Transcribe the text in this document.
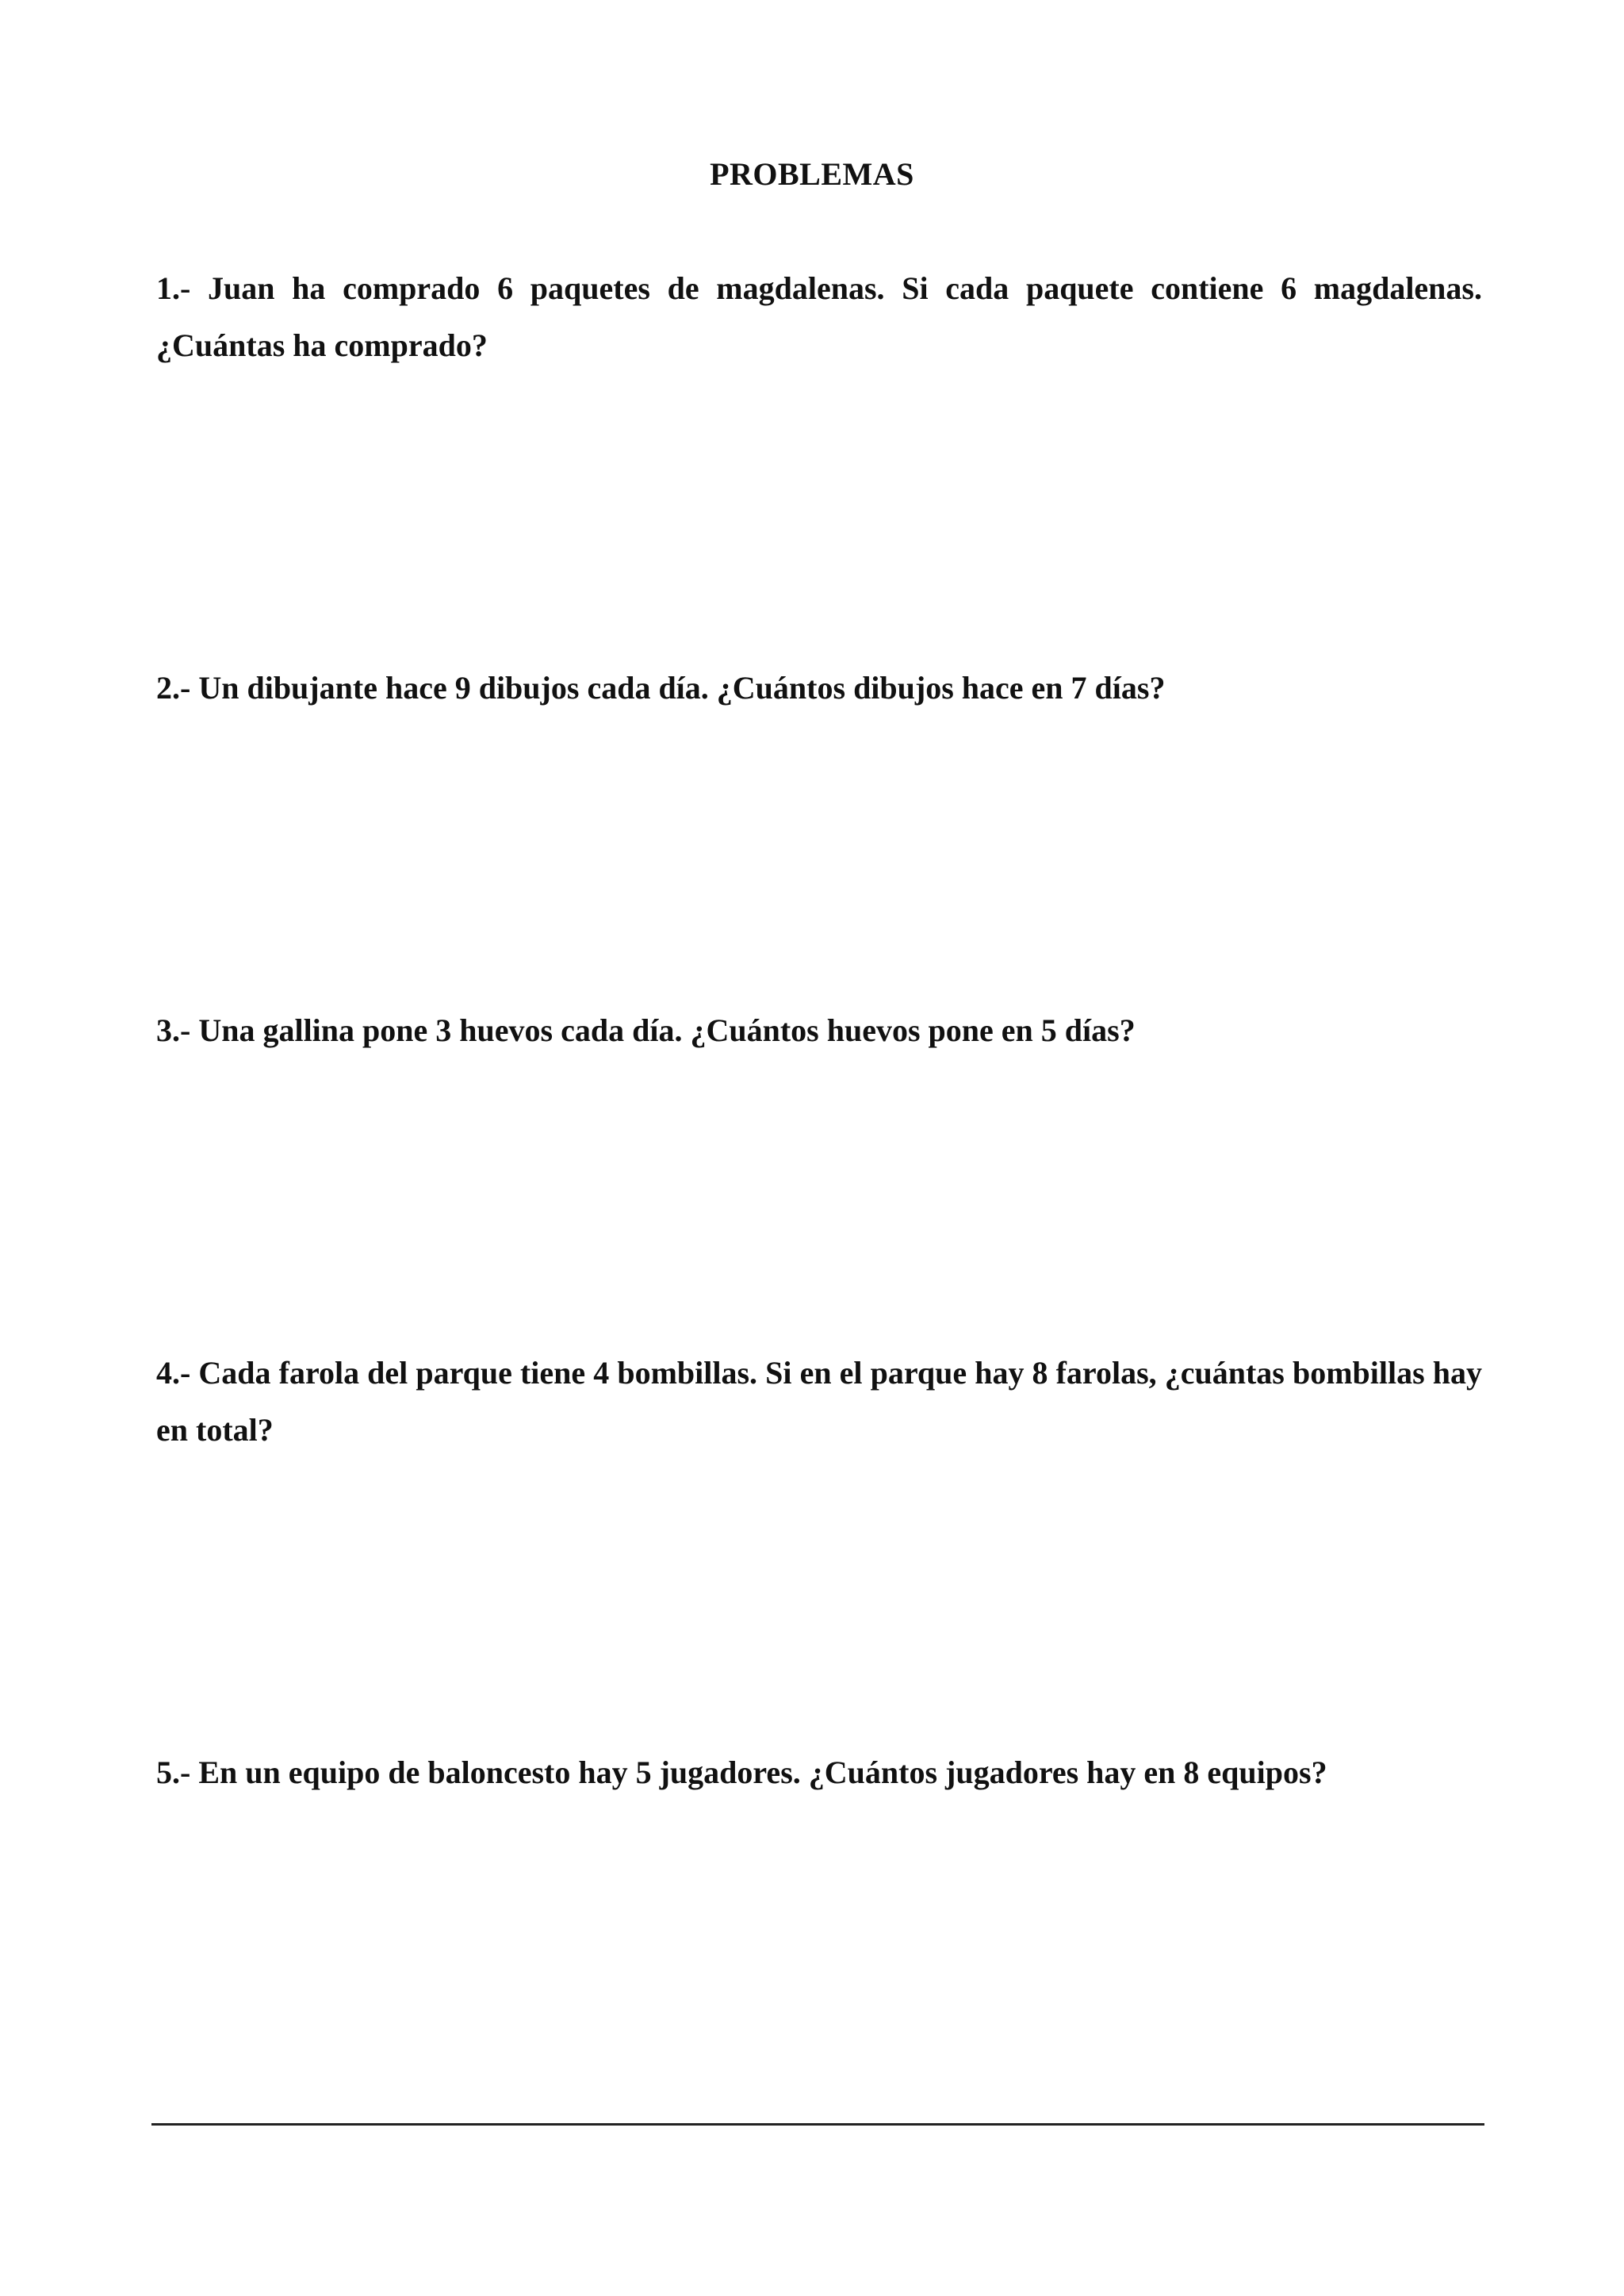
PROBLEMAS
1.- Juan ha comprado 6 paquetes de magdalenas. Si cada paquete contiene 6 magdalenas. ¿Cuántas ha comprado?
2.- Un dibujante hace 9 dibujos cada día. ¿Cuántos dibujos hace en 7 días?
3.- Una gallina pone 3 huevos cada día. ¿Cuántos huevos pone en 5 días?
4.- Cada farola del parque tiene 4 bombillas. Si en el parque hay 8 farolas, ¿cuántas bombillas hay en total?
5.- En un equipo de baloncesto hay 5 jugadores. ¿Cuántos jugadores hay en 8 equipos?
